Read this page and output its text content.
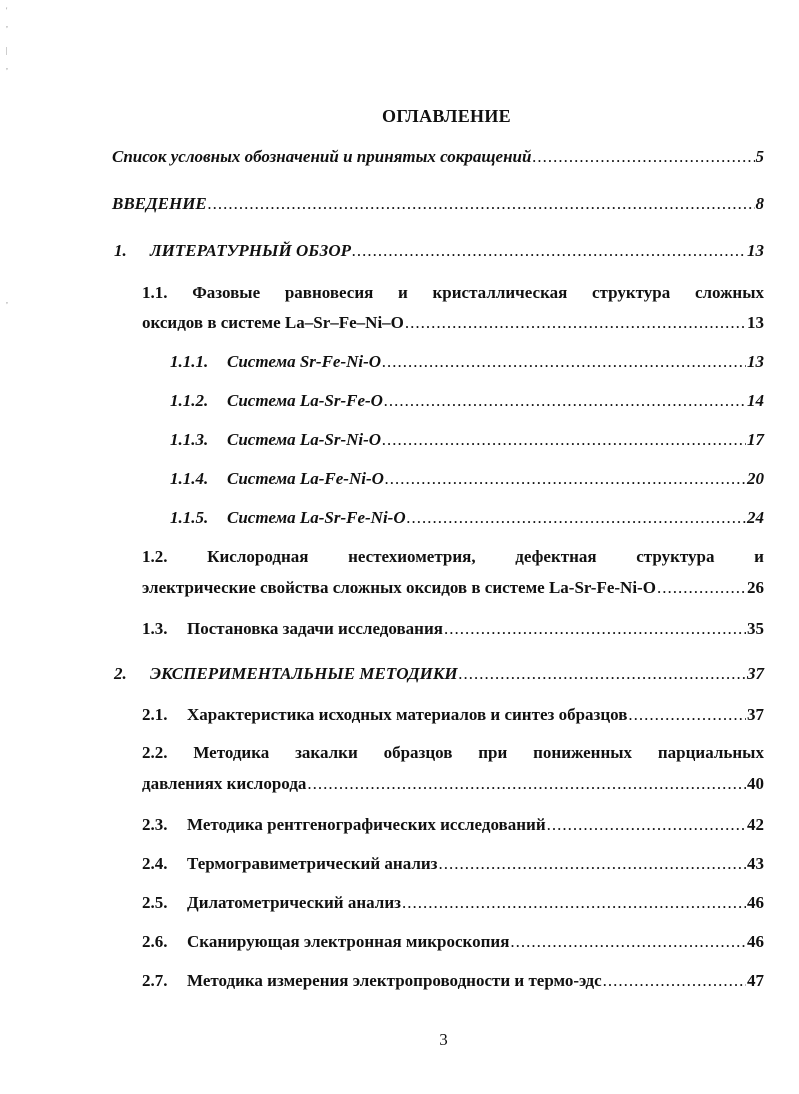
'
,
|
,
,
ОГЛАВЛЕНИЕ
Список условных обозначений и принятых сокращений .....	5
ВВЕДЕНИЕ .....	8
1.	ЛИТЕРАТУРНЫЙ ОБЗОР .....	13
1.1. Фазовые равновесия и кристаллическая структура сложных
оксидов в системе La–Sr–Fe–Ni–O .....	13
1.1.1.	Система Sr-Fe-Ni-O .....	13
1.1.2.	Система La-Sr-Fe-O .....	14
1.1.3.	Система La-Sr-Ni-O .....	17
1.1.4.	Система La-Fe-Ni-O .....	20
1.1.5.	Система La-Sr-Fe-Ni-O .....	24
1.2. Кислородная нестехиометрия, дефектная структура и
электрические свойства сложных оксидов в системе La-Sr-Fe-Ni-O .....	26
1.3.	Постановка задачи исследования .....	35
2.	ЭКСПЕРИМЕНТАЛЬНЫЕ МЕТОДИКИ .....	37
2.1.	Характеристика исходных материалов и синтез образцов .....	37
2.2. Методика закалки образцов при пониженных парциальных
давлениях кислорода .....	40
2.3.	Методика рентгенографических исследований .....	42
2.4.	Термогравиметрический анализ .....	43
2.5.	Дилатометрический анализ .....	46
2.6.	Сканирующая электронная микроскопия .....	46
2.7.	Методика измерения электропроводности и термо-эдс .....	47
3
